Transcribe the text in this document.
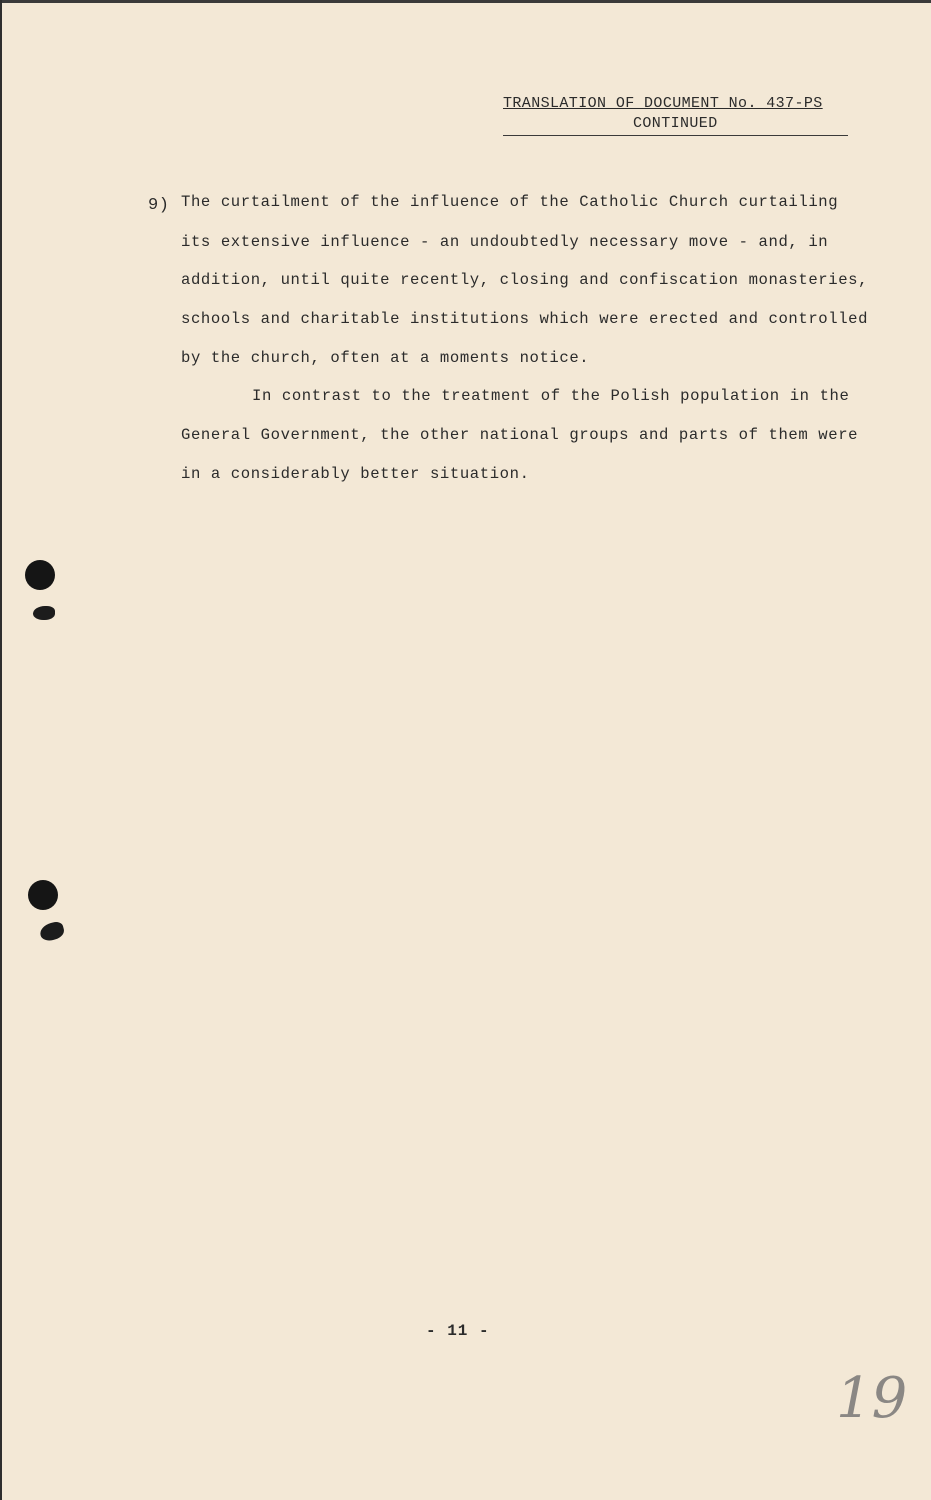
TRANSLATION OF DOCUMENT No. 437-PS
CONTINUED
9) The curtailment of the influence of the Catholic Church curtailing
its extensive influence - an undoubtedly necessary move - and, in
addition, until quite recently, closing and confiscation monasteries,
schools and charitable institutions which were erected and controlled
by the church, often at a moments notice.
In contrast to the treatment of the Polish population in the
General Government, the other national groups and parts of them were
in a considerably better situation.
- 11 -
19
